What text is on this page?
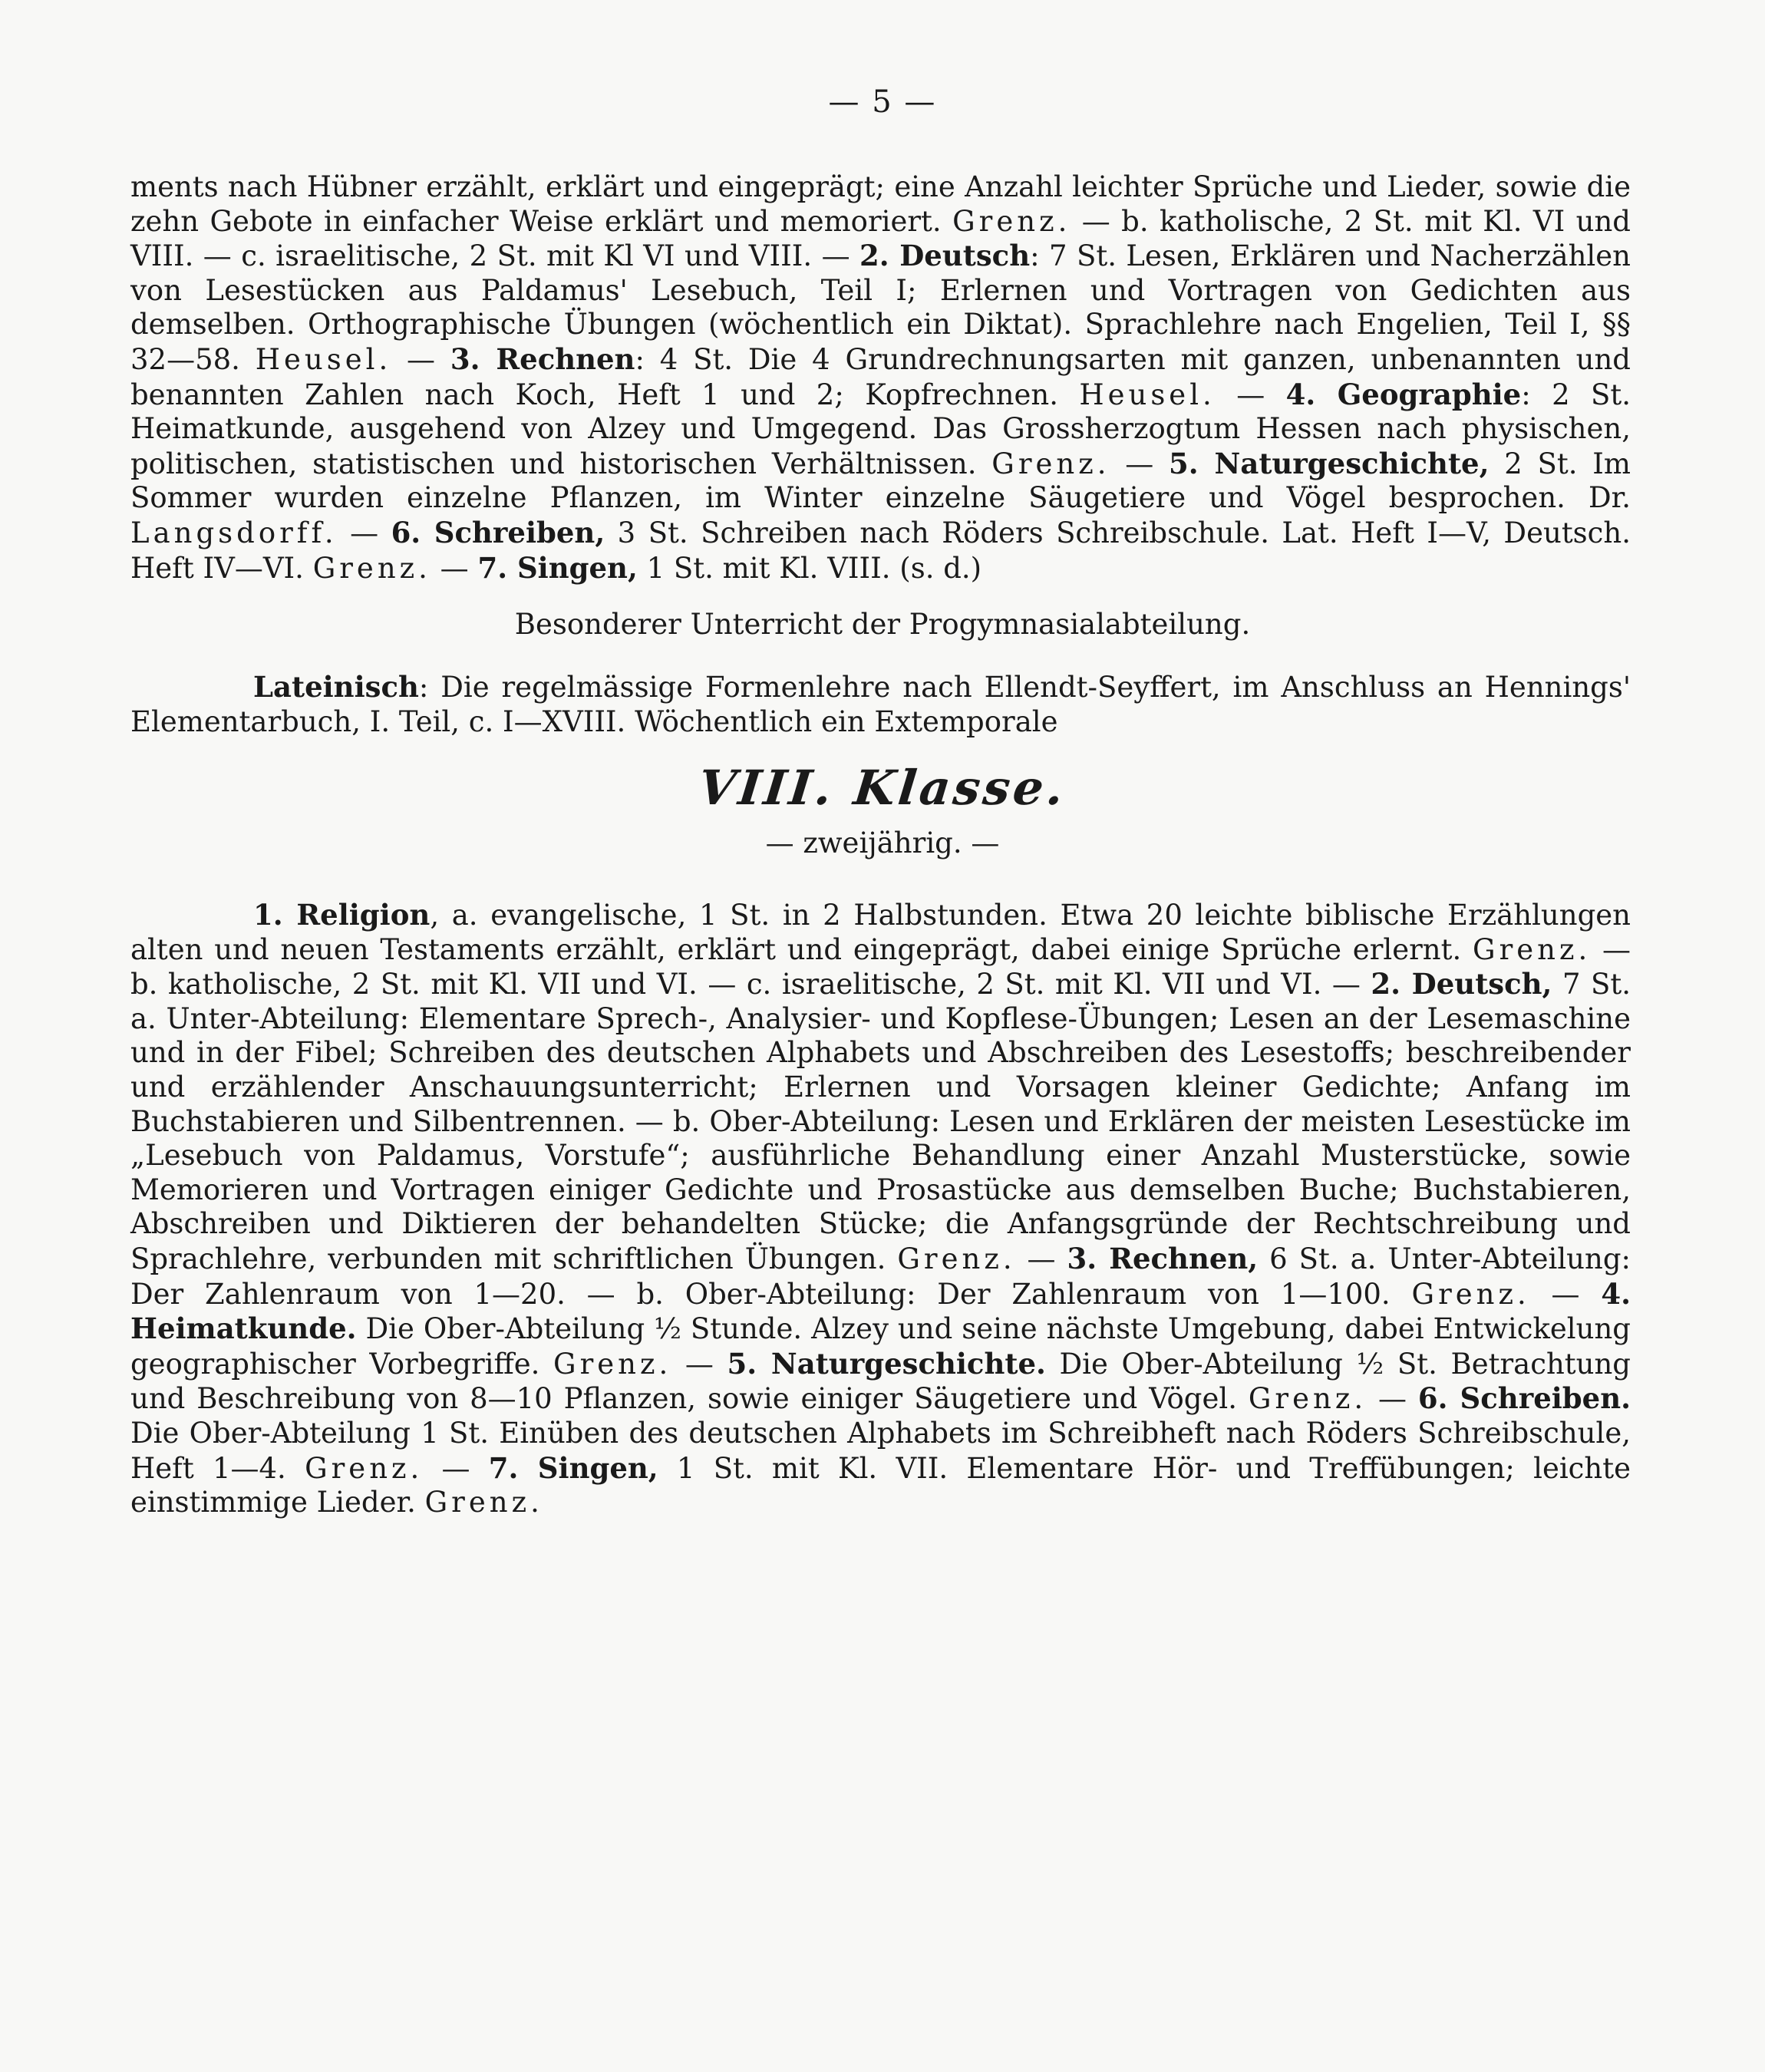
— 5 —

ments nach Hübner erzählt, erklärt und eingeprägt; eine Anzahl leichter Sprüche und Lieder, sowie die zehn Gebote in einfacher Weise erklärt und memoriert. Grenz. — b. katholische, 2 St. mit Kl. VI und VIII. — c. israelitische, 2 St. mit Kl VI und VIII. — 2. Deutsch: 7 St. Lesen, Erklären und Nacherzählen von Lesestücken aus Paldamus' Lesebuch, Teil I; Erlernen und Vortragen von Gedichten aus demselben. Orthographische Übungen (wöchentlich ein Diktat). Sprachlehre nach Engelien, Teil I, §§ 32—58. Heusel. — 3. Rechnen: 4 St. Die 4 Grundrechnungsarten mit ganzen, unbenannten und benannten Zahlen nach Koch, Heft 1 und 2; Kopfrechnen. Heusel. — 4. Geographie: 2 St. Heimatkunde, ausgehend von Alzey und Umgegend. Das Grossherzogtum Hessen nach physischen, politischen, statistischen und historischen Verhältnissen. Grenz. — 5. Naturgeschichte, 2 St. Im Sommer wurden einzelne Pflanzen, im Winter einzelne Säugetiere und Vögel besprochen. Dr. Langsdorff. — 6. Schreiben, 3 St. Schreiben nach Röders Schreibschule. Lat. Heft I—V, Deutsch. Heft IV—VI. Grenz. — 7. Singen, 1 St. mit Kl. VIII. (s. d.)

Besonderer Unterricht der Progymnasialabteilung.

Lateinisch: Die regelmässige Formenlehre nach Ellendt-Seyffert, im Anschluss an Hennings' Elementarbuch, I. Teil, c. I—XVIII. Wöchentlich ein Extemporale

VIII. Klasse.

— zweijährig. —

1. Religion, a. evangelische, 1 St. in 2 Halbstunden. Etwa 20 leichte biblische Erzählungen alten und neuen Testaments erzählt, erklärt und eingeprägt, dabei einige Sprüche erlernt. Grenz. — b. katholische, 2 St. mit Kl. VII und VI. — c. israelitische, 2 St. mit Kl. VII und VI. — 2. Deutsch, 7 St. a. Unter-Abteilung: Elementare Sprech-, Analysier- und Kopflese-Übungen; Lesen an der Lesemaschine und in der Fibel; Schreiben des deutschen Alphabets und Abschreiben des Lesestoffs; beschreibender und erzählender Anschauungsunterricht; Erlernen und Vorsagen kleiner Gedichte; Anfang im Buchstabieren und Silbentrennen. — b. Ober-Abteilung: Lesen und Erklären der meisten Lesestücke im „Lesebuch von Paldamus, Vorstufe“; ausführliche Behandlung einer Anzahl Musterstücke, sowie Memorieren und Vortragen einiger Gedichte und Prosastücke aus demselben Buche; Buchstabieren, Abschreiben und Diktieren der behandelten Stücke; die Anfangsgründe der Rechtschreibung und Sprachlehre, verbunden mit schriftlichen Übungen. Grenz. — 3. Rechnen, 6 St. a. Unter-Abteilung: Der Zahlenraum von 1—20. — b. Ober-Abteilung: Der Zahlenraum von 1—100. Grenz. — 4. Heimatkunde. Die Ober-Abteilung ½ Stunde. Alzey und seine nächste Umgebung, dabei Entwickelung geographischer Vorbegriffe. Grenz. — 5. Naturgeschichte. Die Ober-Abteilung ½ St. Betrachtung und Beschreibung von 8—10 Pflanzen, sowie einiger Säugetiere und Vögel. Grenz. — 6. Schreiben. Die Ober-Abteilung 1 St. Einüben des deutschen Alphabets im Schreibheft nach Röders Schreibschule, Heft 1—4. Grenz. — 7. Singen, 1 St. mit Kl. VII. Elementare Hör- und Treffübungen; leichte einstimmige Lieder. Grenz.
